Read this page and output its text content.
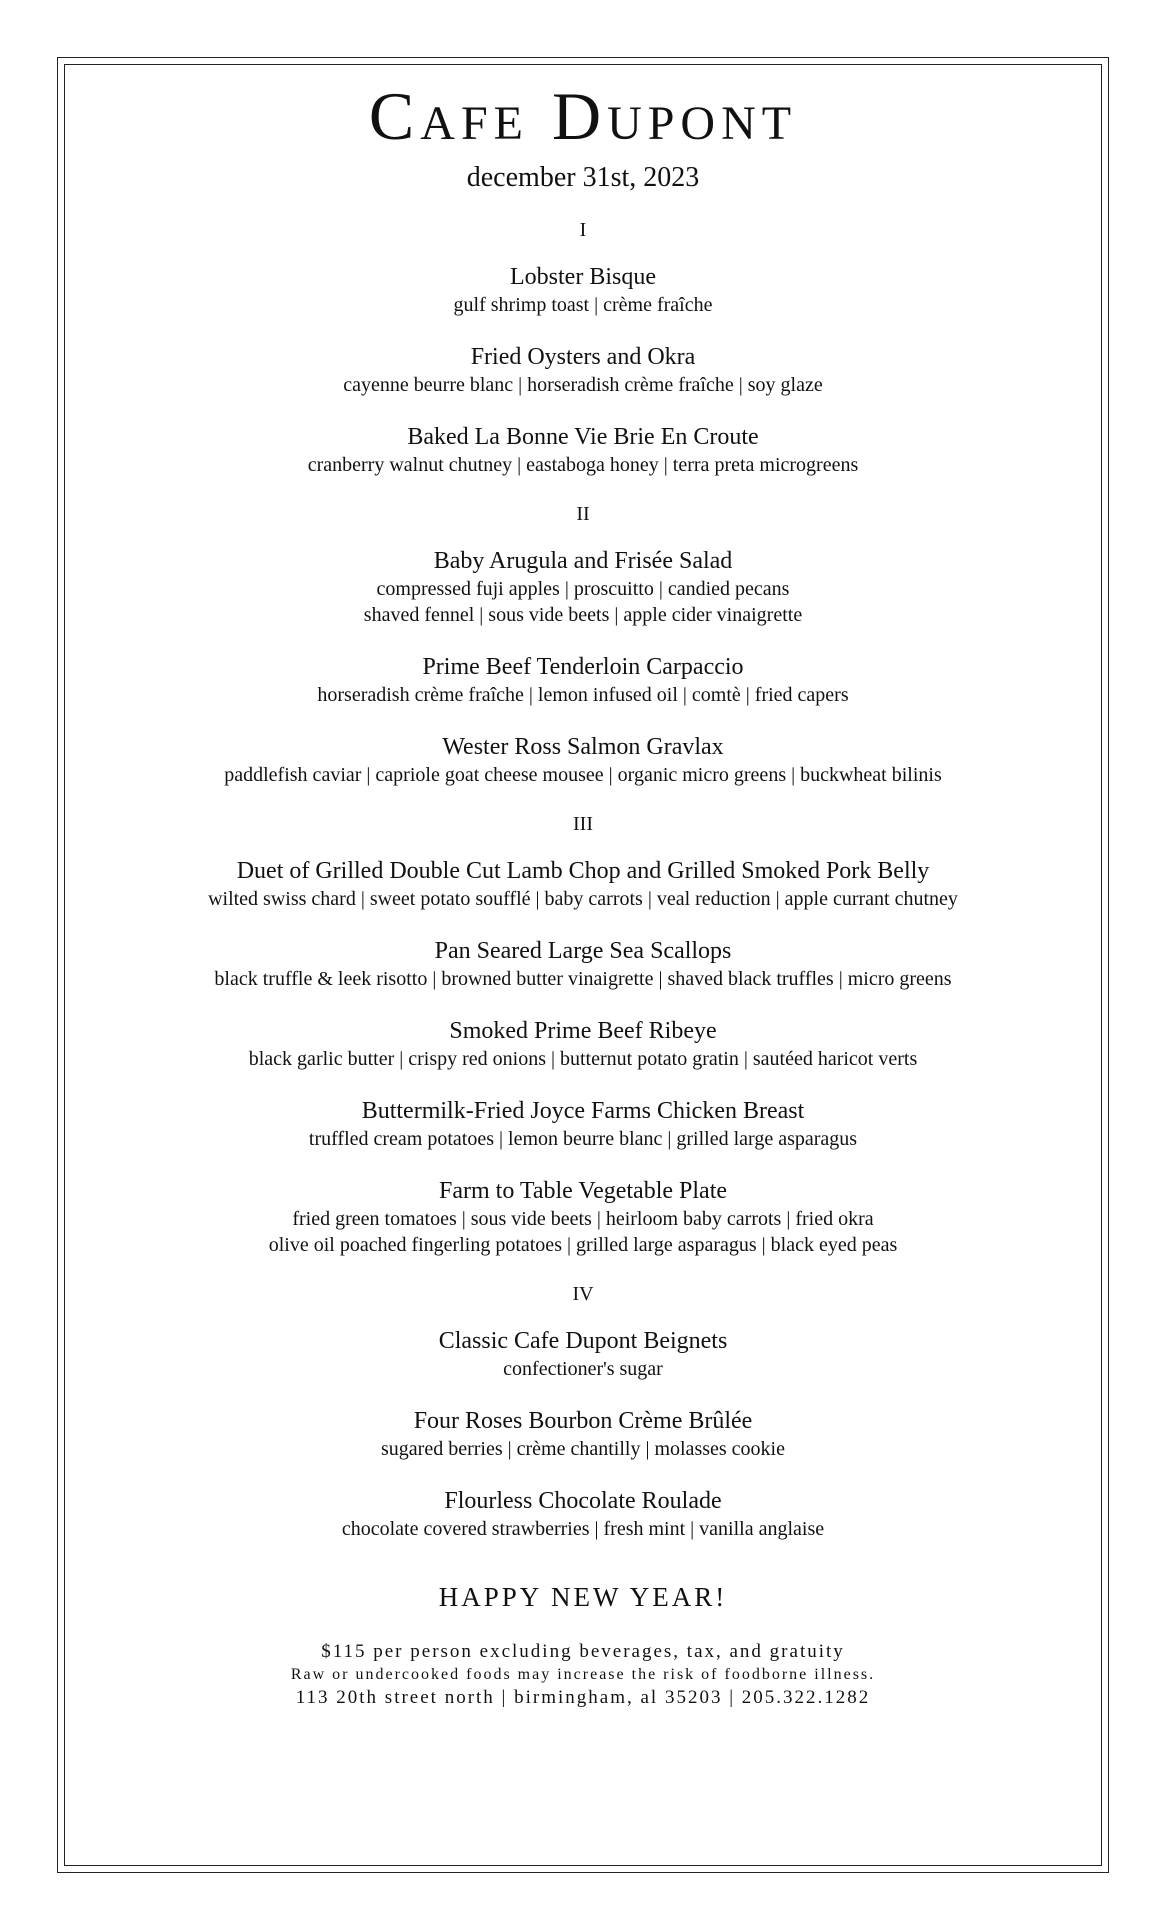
Cafe Dupont
december 31st, 2023
I
Lobster Bisque
gulf shrimp toast | crème fraîche
Fried Oysters and Okra
cayenne beurre blanc | horseradish crème fraîche | soy glaze
Baked La Bonne Vie Brie En Croute
cranberry walnut chutney | eastaboga honey | terra preta microgreens
II
Baby Arugula and Frisée Salad
compressed fuji apples | proscuitto | candied pecans
shaved fennel | sous vide beets | apple cider vinaigrette
Prime Beef Tenderloin Carpaccio
horseradish crème fraîche | lemon infused oil | comtè | fried capers
Wester Ross Salmon Gravlax
paddlefish caviar | capriole goat cheese mousee | organic micro greens | buckwheat bilinis
III
Duet of Grilled Double Cut Lamb Chop and Grilled Smoked Pork Belly
wilted swiss chard | sweet potato soufflé | baby carrots | veal reduction | apple currant chutney
Pan Seared Large Sea Scallops
black truffle & leek risotto | browned butter vinaigrette | shaved black truffles | micro greens
Smoked Prime Beef Ribeye
black garlic butter | crispy red onions | butternut potato gratin | sautéed haricot verts
Buttermilk-Fried Joyce Farms Chicken Breast
truffled cream potatoes | lemon beurre blanc | grilled large asparagus
Farm to Table Vegetable Plate
fried green tomatoes | sous vide beets | heirloom baby carrots | fried okra
olive oil poached fingerling potatoes | grilled large asparagus | black eyed peas
IV
Classic Cafe Dupont Beignets
confectioner's sugar
Four Roses Bourbon Crème Brûlée
sugared berries | crème chantilly | molasses cookie
Flourless Chocolate Roulade
chocolate covered strawberries | fresh mint | vanilla anglaise
HAPPY NEW YEAR!
$115 per person excluding beverages, tax, and gratuity
Raw or undercooked foods may increase the risk of foodborne illness.
113 20th street north | birmingham, al 35203 | 205.322.1282
